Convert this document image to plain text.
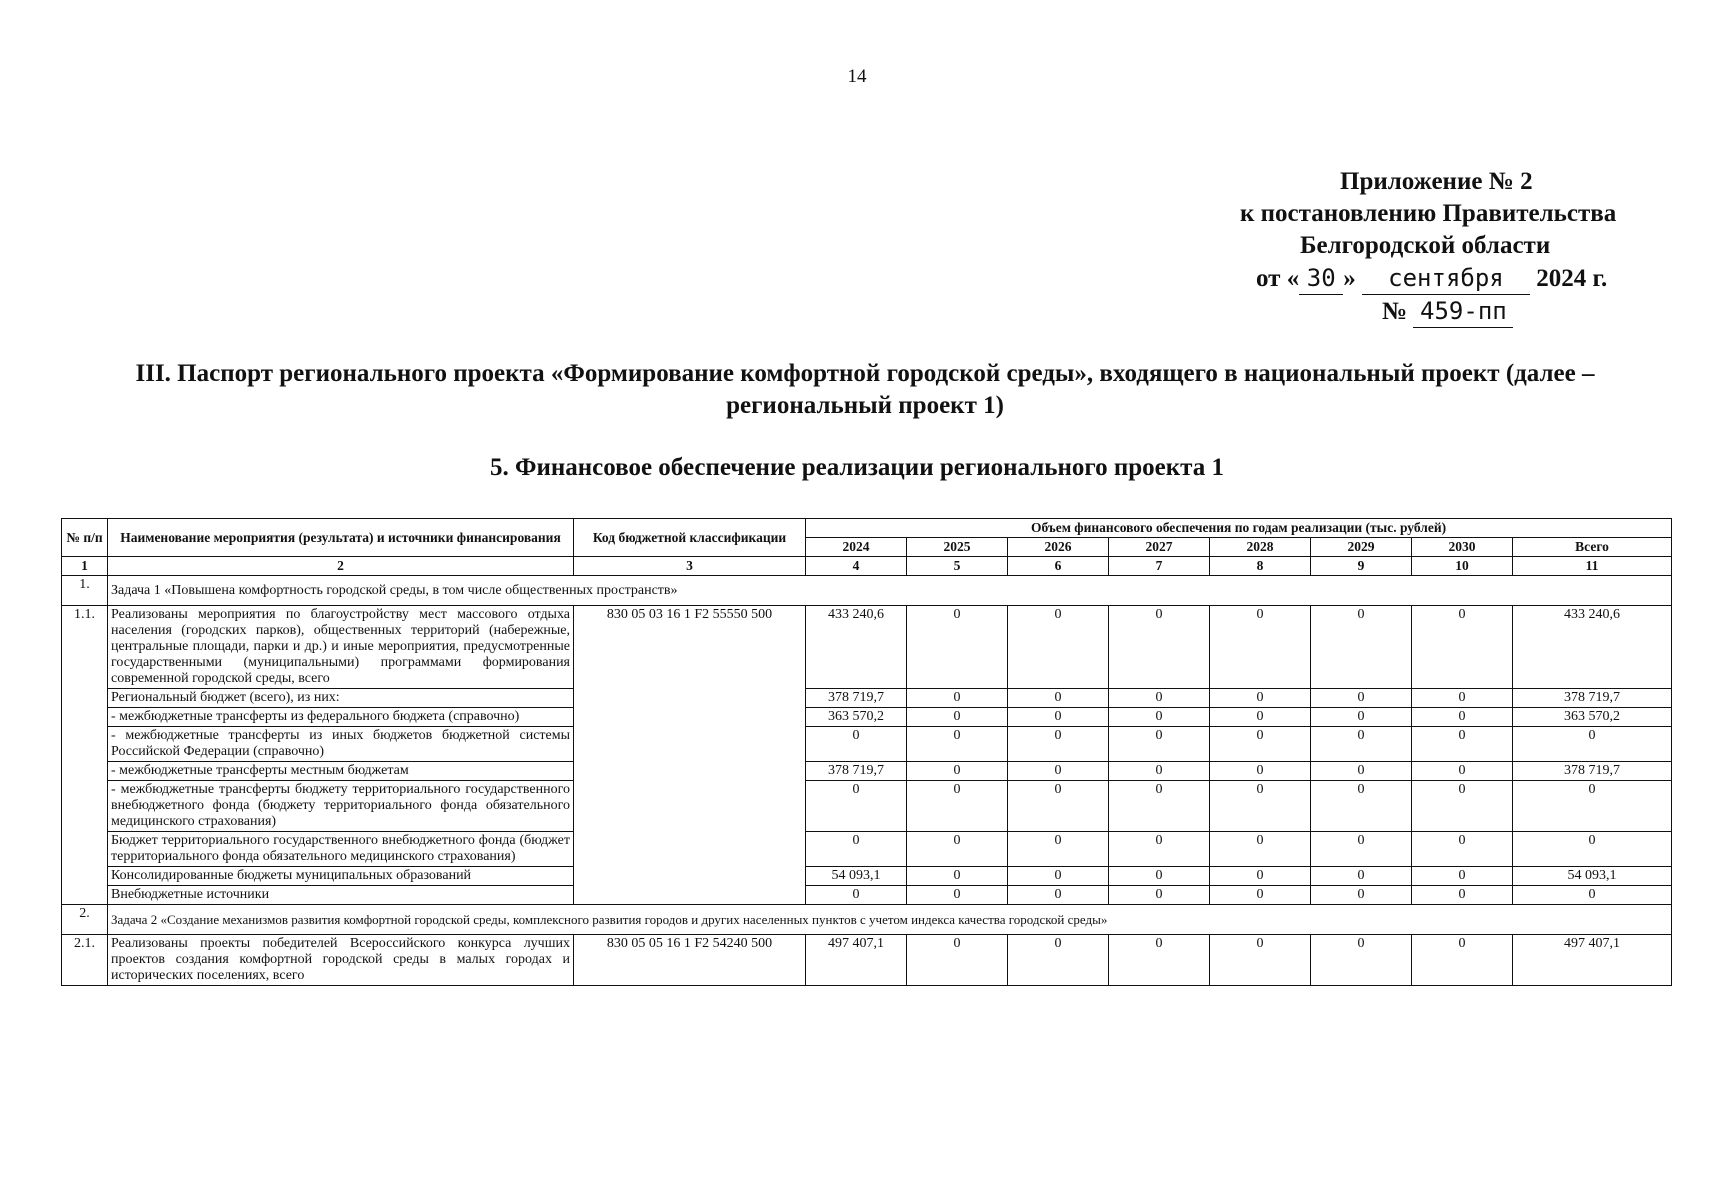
14
Приложение № 2
к постановлению Правительства
Белгородской области
от « 30 » сентября 2024 г.
№ 459-пп
III. Паспорт регионального проекта «Формирование комфортной городской среды», входящего в национальный проект (далее – региональный проект 1)
5. Финансовое обеспечение реализации регионального проекта 1
№ п/п	Наименование мероприятия (результата) и источники финансирования	Код бюджетной классификации	Объем финансового обеспечения по годам реализации (тыс. рублей)							
			2024	2025	2026	2027	2028	2029	2030	Всего
1	2	3	4	5	6	7	8	9	10	11
1.	Задача 1 «Повышена комфортность городской среды, в том числе общественных пространств»									
1.1.	Реализованы мероприятия по благоустройству мест массового отдыха населения (городских парков), общественных территорий (набережные, центральные площади, парки и др.) и иные мероприятия, предусмотренные государственными (муниципальными) программами формирования современной городской среды, всего	830 05 03 16 1 F2 55550 500	433 240,6	0	0	0	0	0	0	433 240,6
	Региональный бюджет (всего), из них:		378 719,7	0	0	0	0	0	0	378 719,7
	- межбюджетные трансферты из федерального бюджета (справочно)		363 570,2	0	0	0	0	0	0	363 570,2
	- межбюджетные трансферты из иных бюджетов бюджетной системы Российской Федерации (справочно)		0	0	0	0	0	0	0	0
	- межбюджетные трансферты местным бюджетам		378 719,7	0	0	0	0	0	0	378 719,7
	- межбюджетные трансферты бюджету территориального государственного внебюджетного фонда (бюджету территориального фонда обязательного медицинского страхования)		0	0	0	0	0	0	0	0
	Бюджет территориального государственного внебюджетного фонда (бюджет территориального фонда обязательного медицинского страхования)		0	0	0	0	0	0	0	0
	Консолидированные бюджеты муниципальных образований		54 093,1	0	0	0	0	0	0	54 093,1
	Внебюджетные источники		0	0	0	0	0	0	0	0
2.	Задача 2 «Создание механизмов развития комфортной городской среды, комплексного развития городов и других населенных пунктов с учетом индекса качества городской среды»									
2.1.	Реализованы проекты победителей Всероссийского конкурса лучших проектов создания комфортной городской среды в малых городах и исторических поселениях, всего	830 05 05 16 1 F2 54240 500	497 407,1	0	0	0	0	0	0	497 407,1
